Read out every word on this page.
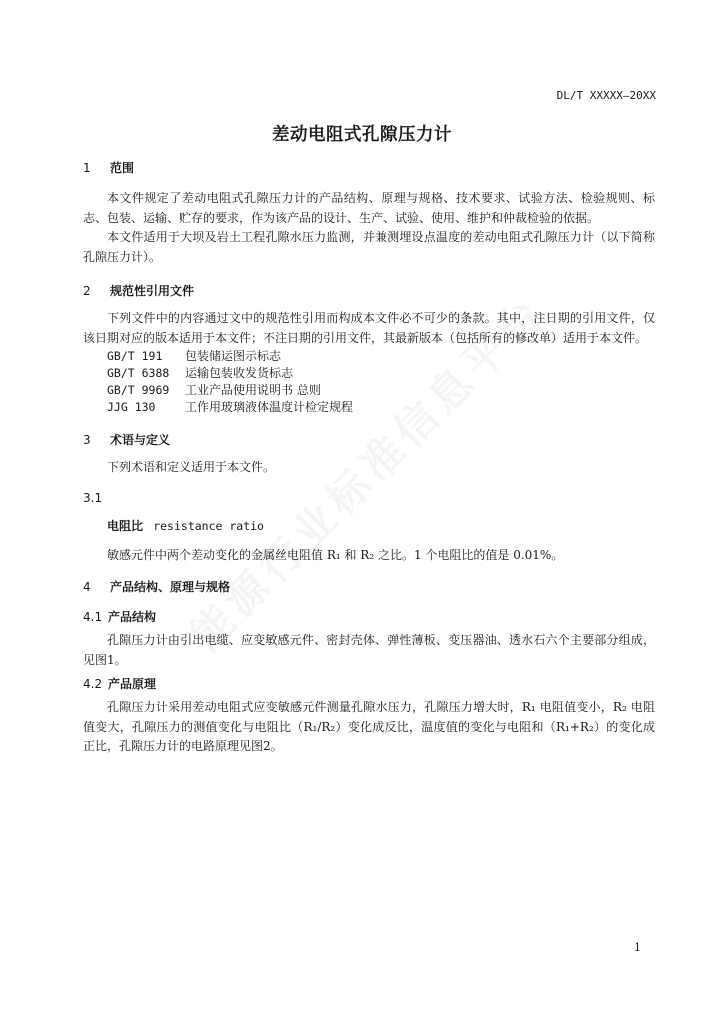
DL/T XXXXX—20XX
差动电阻式孔隙压力计
1	范围
本文件规定了差动电阻式孔隙压力计的产品结构、原理与规格、技术要求、试验方法、检验规则、标志、包装、运输、贮存的要求，作为该产品的设计、生产、试验、使用、维护和仲裁检验的依据。
本文件适用于大坝及岩土工程孔隙水压力监测，并兼测埋设点温度的差动电阻式孔隙压力计（以下简称孔隙压力计）。
2	规范性引用文件
下列文件中的内容通过文中的规范性引用而构成本文件必不可少的条款。其中，注日期的引用文件，仅该日期对应的版本适用于本文件；不注日期的引用文件，其最新版本（包括所有的修改单）适用于本文件。
GB/T 191	包装储运图示标志
GB/T 6388	运输包装收发货标志
GB/T 9969	工业产品使用说明书 总则
JJG 130	工作用玻璃液体温度计检定规程
3	术语与定义
下列术语和定义适用于本文件。
3.1
电阻比 resistance ratio
敏感元件中两个差动变化的金属丝电阻值 R₁ 和 R₂ 之比。1 个电阻比的值是 0.01%。
4	产品结构、原理与规格
4.1 产品结构
孔隙压力计由引出电缆、应变敏感元件、密封壳体、弹性薄板、变压器油、透水石六个主要部分组成，见图1。
4.2 产品原理
孔隙压力计采用差动电阻式应变敏感元件测量孔隙水压力，孔隙压力增大时，R₁ 电阻值变小，R₂ 电阻值变大，孔隙压力的测值变化与电阻比（R₁/R₂）变化成反比，温度值的变化与电阻和（R₁+R₂）的变化成正比，孔隙压力计的电路原理见图2。
1
